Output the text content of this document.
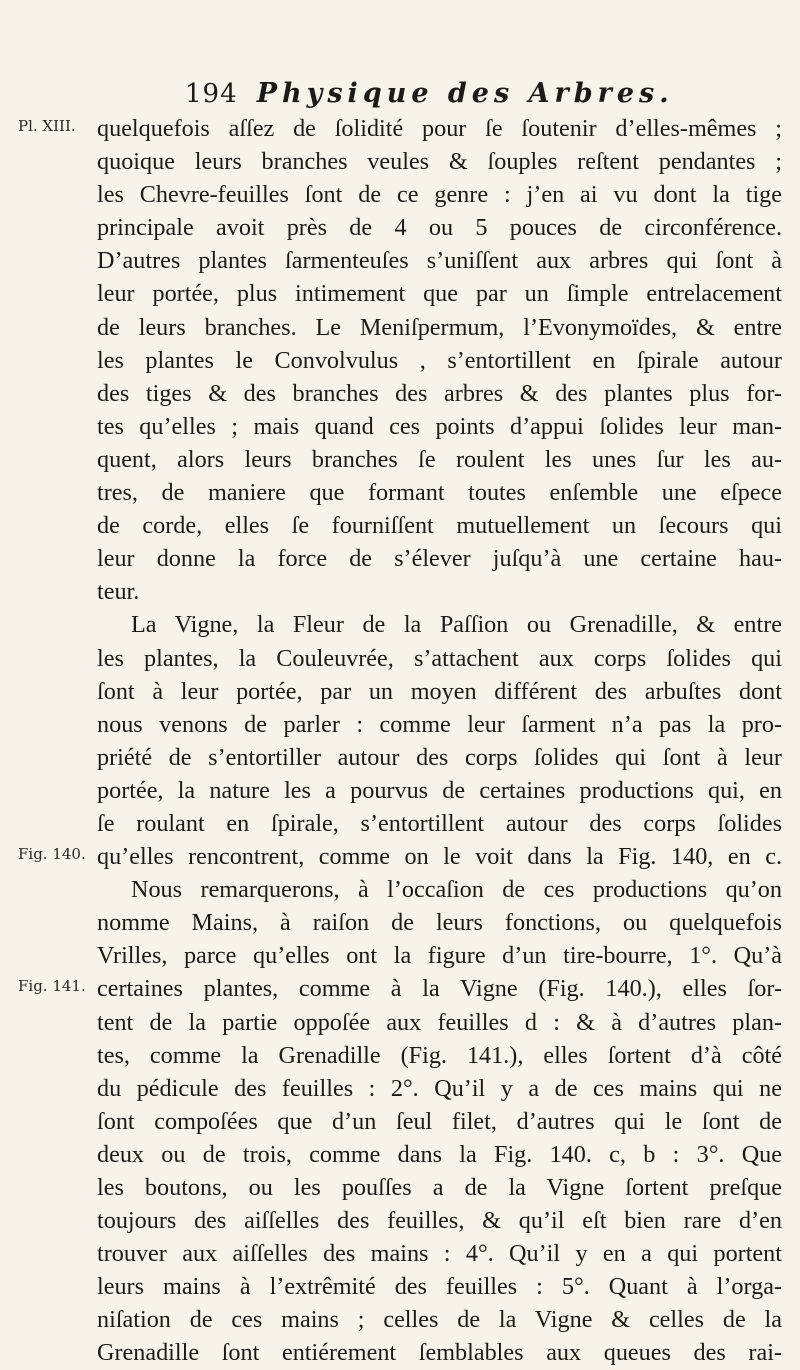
194 Physique des Arbres.
Pl. XIII.
Fig. 140.
Fig. 141.
quelquefois aſſez de ſolidité pour ſe ſoutenir d’elles-mêmes ;
quoique leurs branches veules & ſouples reſtent pendantes ;
les Chevre-feuilles ſont de ce genre : j’en ai vu dont la tige
principale avoit près de 4 ou 5 pouces de circonférence.
D’autres plantes ſarmenteuſes s’uniſſent aux arbres qui ſont à
leur portée, plus intimement que par un ſimple entrelacement
de leurs branches. Le Meniſpermum, l’Evonymoïdes, & entre
les plantes le Convolvulus , s’entortillent en ſpirale autour
des tiges & des branches des arbres & des plantes plus for-
tes qu’elles ; mais quand ces points d’appui ſolides leur man-
quent, alors leurs branches ſe roulent les unes ſur les au-
tres, de maniere que formant toutes enſemble une eſpece
de corde, elles ſe fourniſſent mutuellement un ſecours qui
leur donne la force de s’élever juſqu’à une certaine hau-
teur.
La Vigne, la Fleur de la Paſſion ou Grenadille, & entre
les plantes, la Couleuvrée, s’attachent aux corps ſolides qui
ſont à leur portée, par un moyen différent des arbuſtes dont
nous venons de parler : comme leur ſarment n’a pas la pro-
priété de s’entortiller autour des corps ſolides qui ſont à leur
portée, la nature les a pourvus de certaines productions qui, en
ſe roulant en ſpirale, s’entortillent autour des corps ſolides
qu’elles rencontrent, comme on le voit dans la Fig. 140, en c.
Nous remarquerons, à l’occaſion de ces productions qu’on
nomme Mains, à raiſon de leurs fonctions, ou quelquefois
Vrilles, parce qu’elles ont la figure d’un tire-bourre, 1°. Qu’à
certaines plantes, comme à la Vigne (Fig. 140.), elles ſor-
tent de la partie oppoſée aux feuilles d : & à d’autres plan-
tes, comme la Grenadille (Fig. 141.), elles ſortent d’à côté
du pédicule des feuilles : 2°. Qu’il y a de ces mains qui ne
ſont compoſées que d’un ſeul filet, d’autres qui le ſont de
deux ou de trois, comme dans la Fig. 140. c, b : 3°. Que
les boutons, ou les pouſſes a de la Vigne ſortent preſque
toujours des aiſſelles des feuilles, & qu’il eſt bien rare d’en
trouver aux aiſſelles des mains : 4°. Qu’il y en a qui portent
leurs mains à l’extrêmité des feuilles : 5°. Quant à l’orga-
niſation de ces mains ; celles de la Vigne & celles de la
Grenadille ſont entiérement ſemblables aux queues des rai-
